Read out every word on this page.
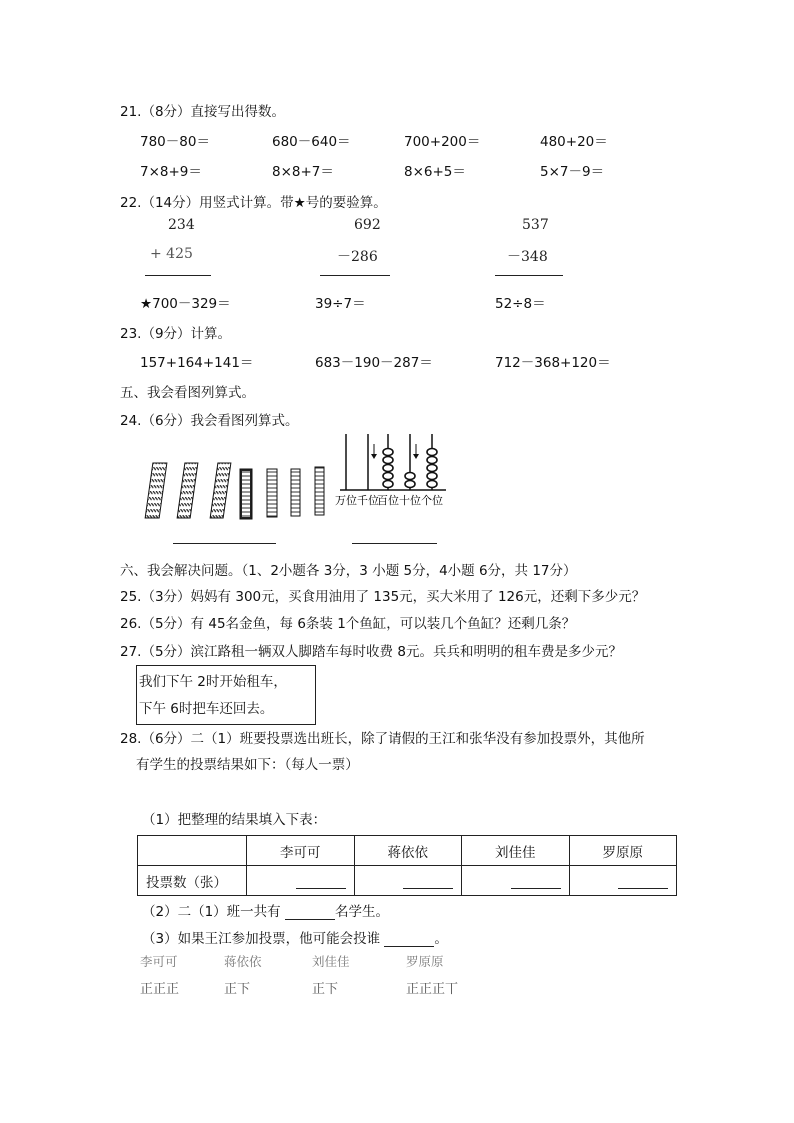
21.（8分）直接写出得数。
780－80＝	680－640＝	700+200＝	480+20＝
7×8+9＝	8×8+7＝	8×6+5＝	5×7－9＝
22.（14分）用竖式计算。带★号的要验算。
234
+ 425
692
－286
537
－348
★700－329＝	39÷7＝	52÷8＝
23.（9分）计算。
157+164+141＝	683－190－287＝	712－368+120＝
五、我会看图列算式。
24.（6分）我会看图列算式。
万位 千位
百位 十位 个位
六、我会解决问题。（1、2小题各 3分，3 小题 5分，4小题 6分，共 17分）
25.（3分）妈妈有 300元，买食用油用了 135元，买大米用了 126元，还剩下多少元？
26.（5分）有 45名金鱼，每 6条装 1个鱼缸，可以装几个鱼缸？还剩几条？
27.（5分）滨江路租一辆双人脚踏车每时收费 8元。兵兵和明明的租车费是多少元？
我们下午 2时开始租车，
下午 6时把车还回去。
28.（6分）二（1）班要投票选出班长，除了请假的王江和张华没有参加投票外，其他所
有学生的投票结果如下：（每人一票）
（1）把整理的结果填入下表：
	李可可	蒋依依	刘佳佳	罗原原
投票数（张）				
（2）二（1）班一共有	名学生。
（3）如果王江参加投票，他可能会投谁	。
李可可	蒋依依	刘佳佳	罗原原
正正正	正下	正下	正正正丅
